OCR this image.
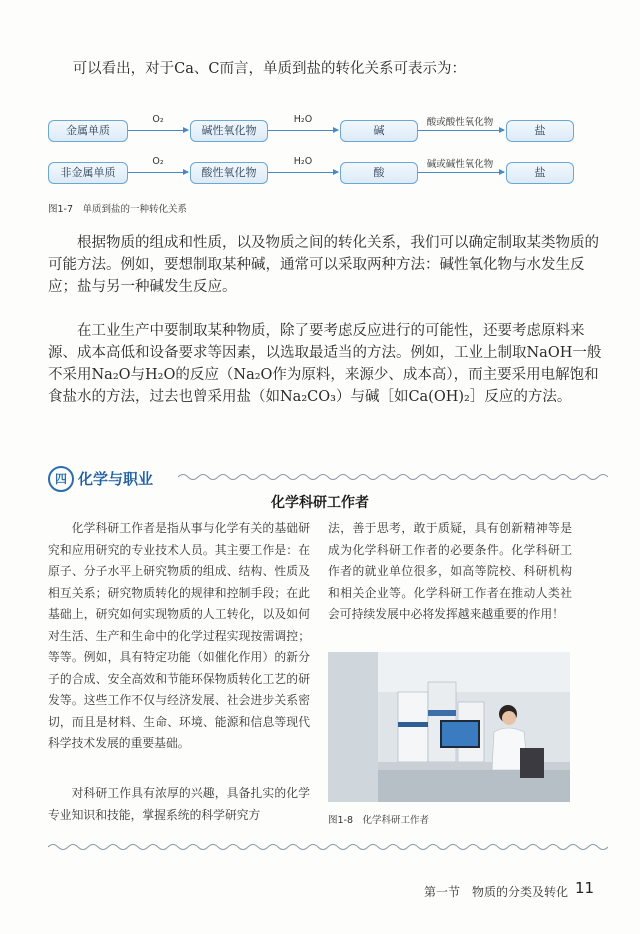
可以看出，对于Ca、C而言，单质到盐的转化关系可表示为：

金属单质
O₂
碱性氧化物
H₂O
碱
酸或酸性氧化物
盐
非金属单质
O₂
酸性氧化物
H₂O
酸
碱或碱性氧化物
盐
图1-7　单质到盐的一种转化关系

根据物质的组成和性质，以及物质之间的转化关系，我们可以确定制取某类物质的可能方法。例如，要想制取某种碱，通常可以采取两种方法：碱性氧化物与水发生反应；盐与另一种碱发生反应。

在工业生产中要制取某种物质，除了要考虑反应进行的可能性，还要考虑原料来源、成本高低和设备要求等因素，以选取最适当的方法。例如，工业上制取NaOH一般不采用Na₂O与H₂O的反应（Na₂O作为原料，来源少、成本高），而主要采用电解饱和食盐水的方法，过去也曾采用盐（如Na₂CO₃）与碱［如Ca(OH)₂］反应的方法。

四 化学与职业
化学科研工作者

化学科研工作者是指从事与化学有关的基础研究和应用研究的专业技术人员。其主要工作是：在原子、分子水平上研究物质的组成、结构、性质及相互关系；研究物质转化的规律和控制手段；在此基础上，研究如何实现物质的人工转化，以及如何对生活、生产和生命中的化学过程实现按需调控；等等。例如，具有特定功能（如催化作用）的新分子的合成、安全高效和节能环保物质转化工艺的研发等。这些工作不仅与经济发展、社会进步关系密切，而且是材料、生命、环境、能源和信息等现代科学技术发展的重要基础。

对科研工作具有浓厚的兴趣，具备扎实的化学专业知识和技能，掌握系统的科学研究方

法，善于思考，敢于质疑，具有创新精神等是成为化学科研工作者的必要条件。化学科研工作者的就业单位很多，如高等院校、科研机构和相关企业等。化学科研工作者在推动人类社会可持续发展中必将发挥越来越重要的作用！

图1-8　化学科研工作者
第一节　物质的分类及转化 11
